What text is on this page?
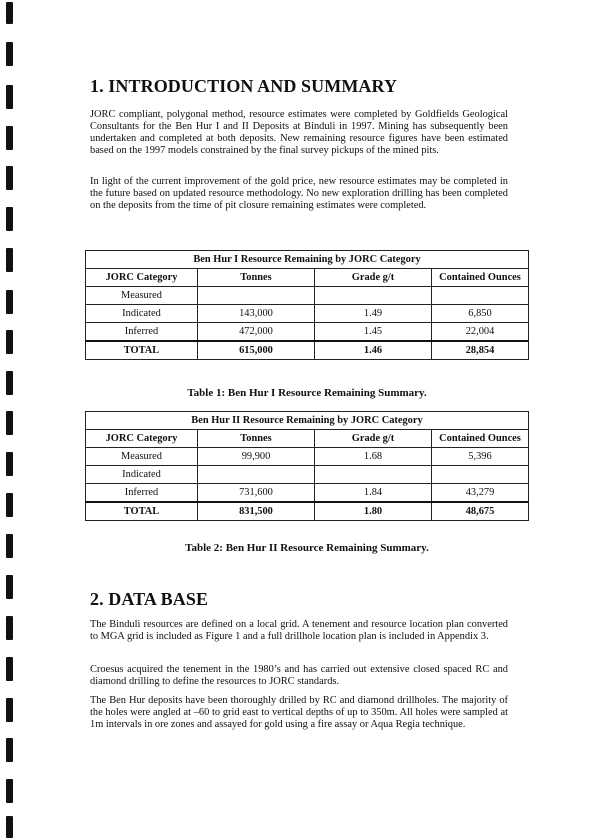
1. INTRODUCTION AND SUMMARY

JORC compliant, polygonal method, resource estimates were completed by Goldfields Geological Consultants for the Ben Hur I and II Deposits at Binduli in 1997. Mining has subsequently been undertaken and completed at both deposits. New remaining resource figures have been estimated based on the 1997 models constrained by the final survey pickups of the mined pits.

In light of the current improvement of the gold price, new resource estimates may be completed in the future based on updated resource methodology. No new exploration drilling has been completed on the deposits from the time of pit closure remaining estimates were completed.

Ben Hur I Resource Remaining by JORC Category			
JORC Category	Tonnes	Grade g/t	Contained Ounces
Measured			
Indicated	143,000	1.49	6,850
Inferred	472,000	1.45	22,004
TOTAL	615,000	1.46	28,854
Table 1: Ben Hur I Resource Remaining Summary.
Ben Hur II Resource Remaining by JORC Category			
JORC Category	Tonnes	Grade g/t	Contained Ounces
Measured	99,900	1.68	5,396
Indicated			
Inferred	731,600	1.84	43,279
TOTAL	831,500	1.80	48,675
Table 2: Ben Hur II Resource Remaining Summary.
2. DATA BASE

The Binduli resources are defined on a local grid. A tenement and resource location plan converted to MGA grid is included as Figure 1 and a full drillhole location plan is included in Appendix 3.

Croesus acquired the tenement in the 1980’s and has carried out extensive closed spaced RC and diamond drilling to define the resources to JORC standards.

The Ben Hur deposits have been thoroughly drilled by RC and diamond drillholes. The majority of the holes were angled at –60 to grid east to vertical depths of up to 350m. All holes were sampled at 1m intervals in ore zones and assayed for gold using a fire assay or Aqua Regia technique.
